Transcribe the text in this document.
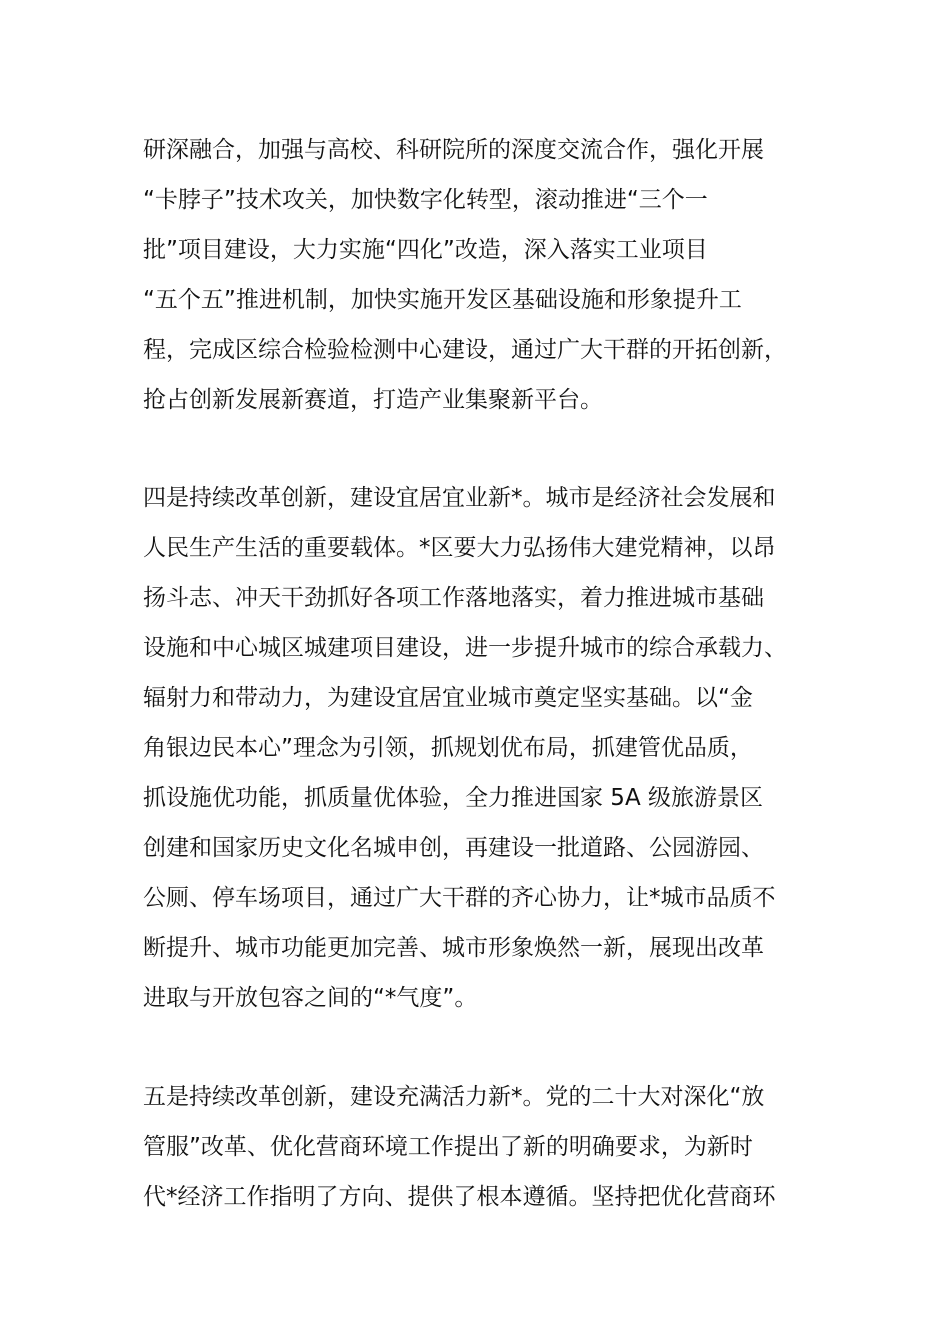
研深融合，加强与高校、科研院所的深度交流合作，强化开展
“卡脖子”技术攻关，加快数字化转型，滚动推进“三个一
批”项目建设，大力实施“四化”改造，深入落实工业项目
“五个五”推进机制，加快实施开发区基础设施和形象提升工
程，完成区综合检验检测中心建设，通过广大干群的开拓创新，
抢占创新发展新赛道，打造产业集聚新平台。
四是持续改革创新，建设宜居宜业新*。城市是经济社会发展和
人民生产生活的重要载体。*区要大力弘扬伟大建党精神，以昂
扬斗志、冲天干劲抓好各项工作落地落实，着力推进城市基础
设施和中心城区城建项目建设，进一步提升城市的综合承载力、
辐射力和带动力，为建设宜居宜业城市奠定坚实基础。以“金
角银边民本心”理念为引领，抓规划优布局，抓建管优品质，
抓设施优功能，抓质量优体验，全力推进国家 5A 级旅游景区
创建和国家历史文化名城申创，再建设一批道路、公园游园、
公厕、停车场项目，通过广大干群的齐心协力，让*城市品质不
断提升、城市功能更加完善、城市形象焕然一新，展现出改革
进取与开放包容之间的“*气度”。
五是持续改革创新，建设充满活力新*。党的二十大对深化“放
管服”改革、优化营商环境工作提出了新的明确要求，为新时
代*经济工作指明了方向、提供了根本遵循。坚持把优化营商环
